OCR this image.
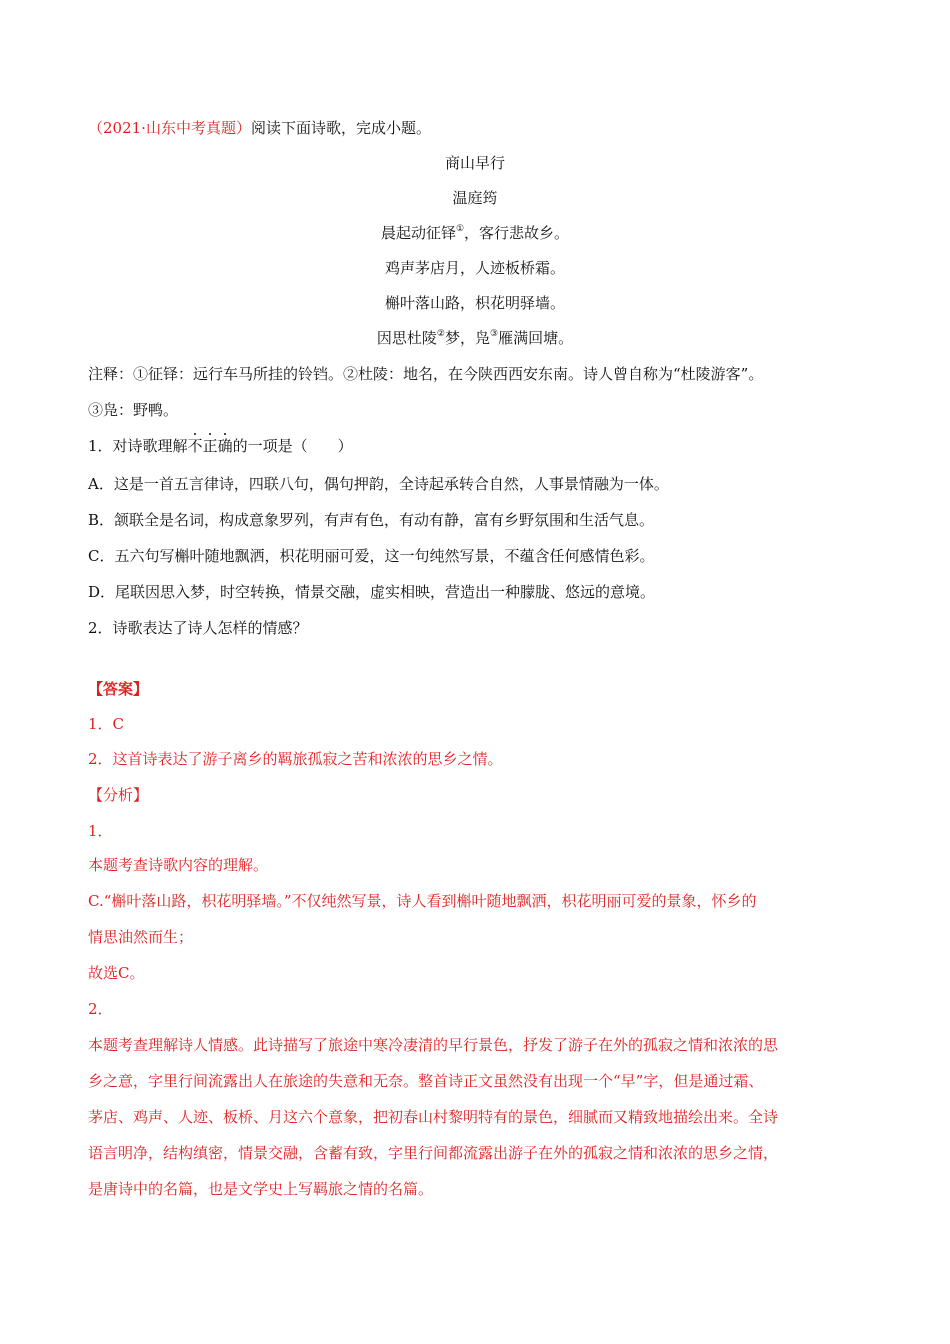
（2021·山东中考真题）阅读下面诗歌，完成小题。
商山早行
温庭筠
晨起动征铎①，客行悲故乡。
鸡声茅店月，人迹板桥霜。
槲叶落山路，枳花明驿墙。
因思杜陵②梦，凫③雁满回塘。
注释：①征铎：远行车马所挂的铃铛。②杜陵：地名，在今陕西西安东南。诗人曾自称为“杜陵游客”。
③凫：野鸭。
1．对诗歌理解不正确的一项是（　　）
A．这是一首五言律诗，四联八句，偶句押韵，全诗起承转合自然，人事景情融为一体。
B．颔联全是名词，构成意象罗列，有声有色，有动有静，富有乡野氛围和生活气息。
C．五六句写槲叶随地飘洒，枳花明丽可爱，这一句纯然写景，不蕴含任何感情色彩。
D．尾联因思入梦，时空转换，情景交融，虚实相映，营造出一种朦胧、悠远的意境。
2．诗歌表达了诗人怎样的情感？
【答案】
1．C
2．这首诗表达了游子离乡的羁旅孤寂之苦和浓浓的思乡之情。
【分析】
1．
本题考查诗歌内容的理解。
C.“槲叶落山路，枳花明驿墙。”不仅纯然写景，诗人看到槲叶随地飘洒，枳花明丽可爱的景象，怀乡的
情思油然而生；
故选C。
2．
本题考查理解诗人情感。此诗描写了旅途中寒冷凄清的早行景色，抒发了游子在外的孤寂之情和浓浓的思
乡之意，字里行间流露出人在旅途的失意和无奈。整首诗正文虽然没有出现一个“早”字，但是通过霜、
茅店、鸡声、人迹、板桥、月这六个意象，把初春山村黎明特有的景色，细腻而又精致地描绘出来。全诗
语言明净，结构缜密，情景交融，含蓄有致，字里行间都流露出游子在外的孤寂之情和浓浓的思乡之情，
是唐诗中的名篇，也是文学史上写羁旅之情的名篇。
